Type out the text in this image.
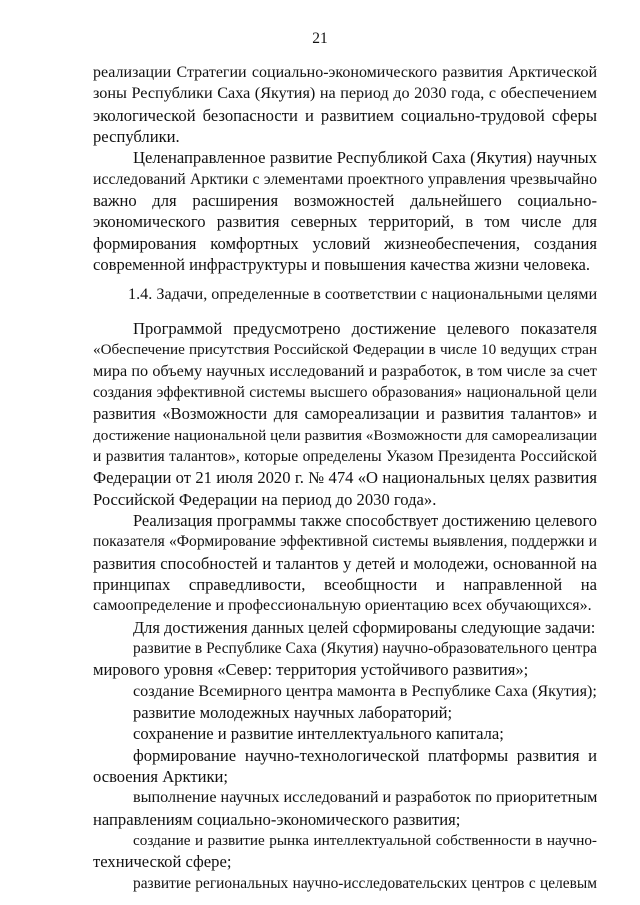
21
реализации Стратегии социально-экономического развития Арктической
зоны Республики Саха (Якутия) на период до 2030 года, с обеспечением
экологической безопасности и развитием социально-трудовой сферы
республики.
Целенаправленное развитие Республикой Саха (Якутия) научных
исследований Арктики с элементами проектного управления чрезвычайно
важно для расширения возможностей дальнейшего социально-
экономического развития северных территорий, в том числе для
формирования комфортных условий жизнеобеспечения, создания
современной инфраструктуры и повышения качества жизни человека.
1.4. Задачи, определенные в соответствии с национальными целями
Программой предусмотрено достижение целевого показателя
«Обеспечение присутствия Российской Федерации в числе 10 ведущих стран
мира по объему научных исследований и разработок, в том числе за счет
создания эффективной системы высшего образования» национальной цели
развития «Возможности для самореализации и развития талантов» и
достижение национальной цели развития «Возможности для самореализации
и развития талантов», которые определены Указом Президента Российской
Федерации от 21 июля 2020 г. № 474 «О национальных целях развития
Российской Федерации на период до 2030 года».
Реализация программы также способствует достижению целевого
показателя «Формирование эффективной системы выявления, поддержки и
развития способностей и талантов у детей и молодежи, основанной на
принципах справедливости, всеобщности и направленной на
самоопределение и профессиональную ориентацию всех обучающихся».
Для достижения данных целей сформированы следующие задачи:
развитие в Республике Саха (Якутия) научно-образовательного центра
мирового уровня «Север: территория устойчивого развития»;
создание Всемирного центра мамонта в Республике Саха (Якутия);
развитие молодежных научных лабораторий;
сохранение и развитие интеллектуального капитала;
формирование научно-технологической платформы развития и
освоения Арктики;
выполнение научных исследований и разработок по приоритетным
направлениям социально-экономического развития;
создание и развитие рынка интеллектуальной собственности в научно-
технической сфере;
развитие региональных научно-исследовательских центров с целевым
